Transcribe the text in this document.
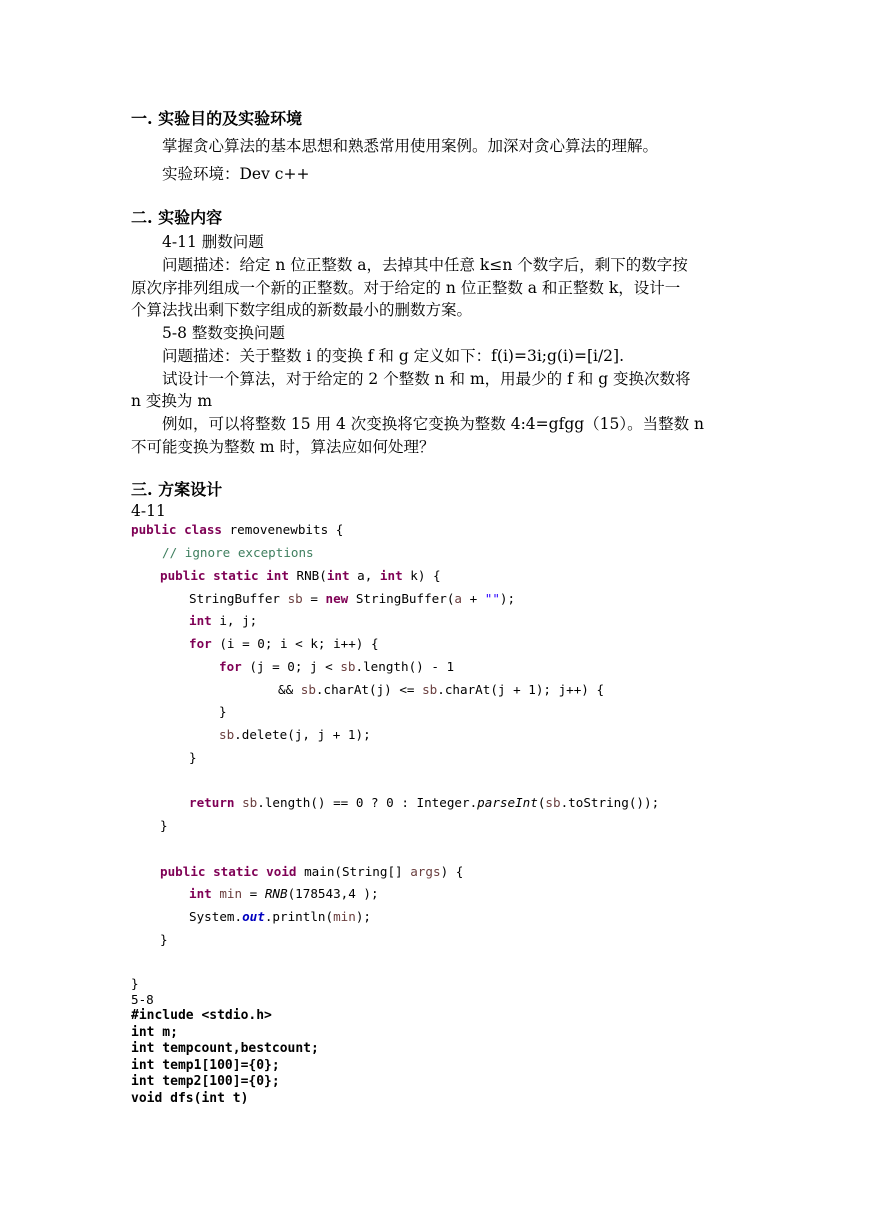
一. 实验目的及实验环境
掌握贪心算法的基本思想和熟悉常用使用案例。加深对贪心算法的理解。
实验环境：Dev c++
二. 实验内容
4-11 删数问题
问题描述：给定 n 位正整数 a，去掉其中任意 k≤n 个数字后，剩下的数字按
原次序排列组成一个新的正整数。对于给定的 n 位正整数 a 和正整数 k，设计一
个算法找出剩下数字组成的新数最小的删数方案。
5-8 整数变换问题
问题描述：关于整数 i 的变换 f 和 g 定义如下：f(i)=3i;g(i)=[i/2].
试设计一个算法，对于给定的 2 个整数 n 和 m，用最少的 f 和 g 变换次数将
n 变换为 m
例如，可以将整数 15 用 4 次变换将它变换为整数 4:4=gfgg（15）。当整数 n
不可能变换为整数 m 时，算法应如何处理？
三. 方案设计
4-11
public class removenewbits {
// ignore exceptions
public static int RNB(int a, int k) {
StringBuffer sb = new StringBuffer(a + "");
int i, j;
for (i = 0; i < k; i++) {
for (j = 0; j < sb.length() - 1
&& sb.charAt(j) <= sb.charAt(j + 1); j++) {
}
sb.delete(j, j + 1);
}
return sb.length() == 0 ? 0 : Integer.parseInt(sb.toString());
}
public static void main(String[] args) {
int min = RNB(178543,4 );
System.out.println(min);
}
}
5-8
#include <stdio.h>
int m;
int tempcount,bestcount;
int temp1[100]={0};
int temp2[100]={0};
void dfs(int t)
